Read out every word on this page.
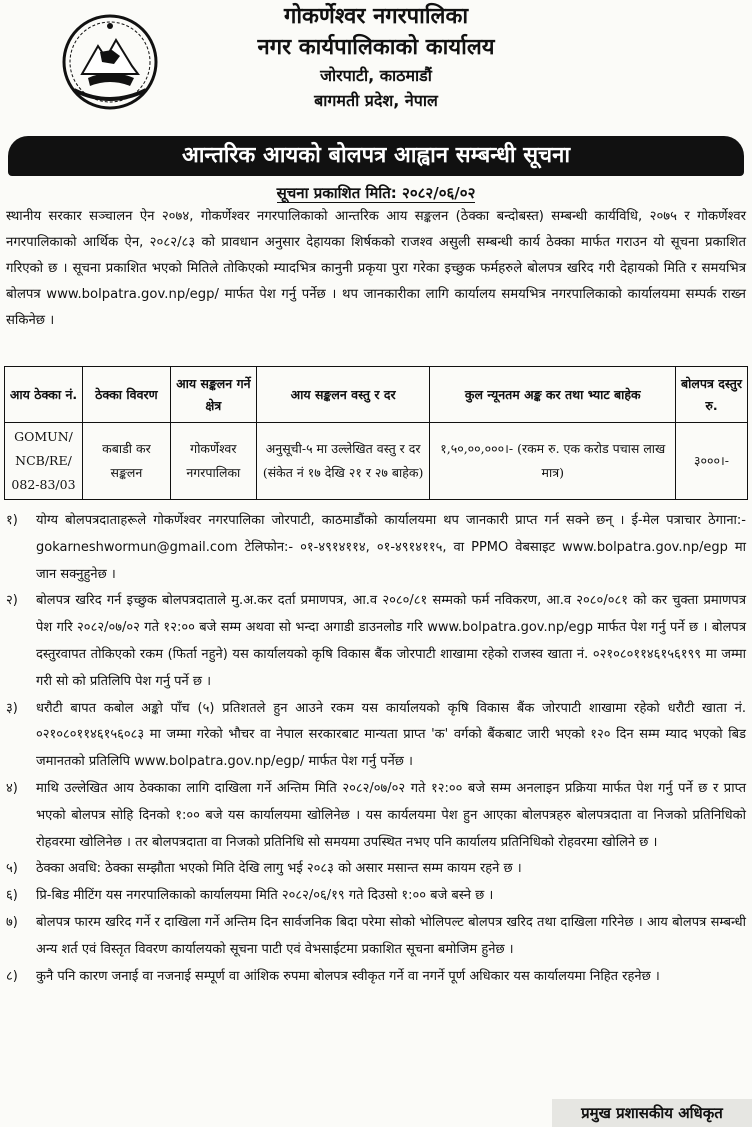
गोकर्णेश्वर नगरपालिका
नगर कार्यपालिकाको कार्यालय
जोरपाटी, काठमाडौं
बागमती प्रदेश, नेपाल
आन्तरिक आयको बोलपत्र आह्वान सम्बन्धी सूचना
सूचना प्रकाशित मिति: २०८२/०६/०२

स्थानीय सरकार सञ्चालन ऐन २०७४, गोकर्णेश्वर नगरपालिकाको आन्तरिक आय सङ्कलन (ठेक्का बन्दोबस्त) सम्बन्धी कार्यविधि, २०७५ र गोकर्णेश्वर नगरपालिकाको आर्थिक ऐन, २०८२/८३ को प्रावधान अनुसार देहायका शिर्षकको राजश्व असुली सम्बन्धी कार्य ठेक्का मार्फत गराउन यो सूचना प्रकाशित गरिएको छ । सूचना प्रकाशित भएको मितिले तोकिएको म्यादभित्र कानुनी प्रकृया पुरा गरेका इच्छुक फर्महरुले बोलपत्र खरिद गरी देहायको मिति र समयभित्र बोलपत्र www.bolpatra.gov.np/egp/ मार्फत पेश गर्नु पर्नेछ । थप जानकारीका लागि कार्यालय समयभित्र नगरपालिकाको कार्यालयमा सम्पर्क राख्न सकिनेछ ।

आय ठेक्का नं.	ठेक्का विवरण	आय सङ्कलन गर्ने क्षेत्र	आय सङ्कलन वस्तु र दर	कुल न्यूनतम अङ्क कर तथा भ्याट बाहेक	बोलपत्र दस्तुर रु.
GOMUN/ NCB/RE/ 082-83/03	कबाडी कर सङ्कलन	गोकर्णेश्वर नगरपालिका	अनुसूची-५ मा उल्लेखित वस्तु र दर (संकेत नं १७ देखि २१ र २७ बाहेक)	१,५०,००,०००।- (रकम रु. एक करोड पचास लाख मात्र)	३०००।-
१)	योग्य बोलपत्रदाताहरूले गोकर्णेश्वर नगरपालिका जोरपाटी, काठमाडौंको कार्यालयमा थप जानकारी प्राप्त गर्न सक्ने छन् । ई-मेल पत्राचार ठेगाना:- gokarneshwormun@gmail.com टेलिफोन:- ०१-४९१४११४, ०१-४९१४११५, वा PPMO वेबसाइट www.bolpatra.gov.np/egp मा जान सक्नुहुनेछ ।
२)	बोलपत्र खरिद गर्न इच्छुक बोलपत्रदाताले मु.अ.कर दर्ता प्रमाणपत्र, आ.व २०८०/८१ सम्मको फर्म नविकरण, आ.व २०८०/०८१ को कर चुक्ता प्रमाणपत्र पेश गरि २०८२/०७/०२ गते १२:०० बजे सम्म अथवा सो भन्दा अगाडी डाउनलोड गरि www.bolpatra.gov.np/egp मार्फत पेश गर्नु पर्ने छ । बोलपत्र दस्तुरवापत तोकिएको रकम (फिर्ता नहुने) यस कार्यालयको कृषि विकास बैंक जोरपाटी शाखामा रहेको राजस्व खाता नं. ०२१०८०११४६१५६१९९ मा जम्मा गरी सो को प्रतिलिपि पेश गर्नु पर्ने छ ।
३)	धरौटी बापत कबोल अङ्को पाँच (५) प्रतिशतले हुन आउने रकम यस कार्यालयको कृषि विकास बैंक जोरपाटी शाखामा रहेको धरौटी खाता नं. ०२१०८०११४६१५६०८३ मा जम्मा गरेको भौचर वा नेपाल सरकारबाट मान्यता प्राप्त 'क' वर्गको बैंकबाट जारी भएको १२० दिन सम्म म्याद भएको बिड जमानतको प्रतिलिपि www.bolpatra.gov.np/egp/ मार्फत पेश गर्नु पर्नेछ ।
४)	माथि उल्लेखित आय ठेक्काका लागि दाखिला गर्ने अन्तिम मिति २०८२/०७/०२ गते १२:०० बजे सम्म अनलाइन प्रक्रिया मार्फत पेश गर्नु पर्ने छ र प्राप्त भएको बोलपत्र सोहि दिनको १:०० बजे यस कार्यालयमा खोलिनेछ । यस कार्यलयमा पेश हुन आएका बोलपत्रहरु बोलपत्रदाता वा निजको प्रतिनिधिको रोहवरमा खोलिनेछ । तर बोलपत्रदाता वा निजको प्रतिनिधि सो समयमा उपस्थित नभए पनि कार्यालय प्रतिनिधिको रोहवरमा खोलिने छ ।
५)	ठेक्का अवधि: ठेक्का सम्झौता भएको मिति देखि लागु भई २०८३ को असार मसान्त सम्म कायम रहने छ ।
६)	प्रि-बिड मीटिंग यस नगरपालिकाको कार्यालयमा मिति २०८२/०६/१९ गते दिउसो १:०० बजे बस्ने छ ।
७)	बोलपत्र फारम खरिद गर्ने र दाखिला गर्ने अन्तिम दिन सार्वजनिक बिदा परेमा सोको भोलिपल्ट बोलपत्र खरिद तथा दाखिला गरिनेछ । आय बोलपत्र सम्बन्धी अन्य शर्त एवं विस्तृत विवरण कार्यालयको सूचना पाटी एवं वेभसाईटमा प्रकाशित सूचना बमोजिम हुनेछ ।
८)	कुनै पनि कारण जनाई वा नजनाई सम्पूर्ण वा आंशिक रुपमा बोलपत्र स्वीकृत गर्ने वा नगर्ने पूर्ण अधिकार यस कार्यालयमा निहित रहनेछ ।
प्रमुख प्रशासकीय अधिकृत
